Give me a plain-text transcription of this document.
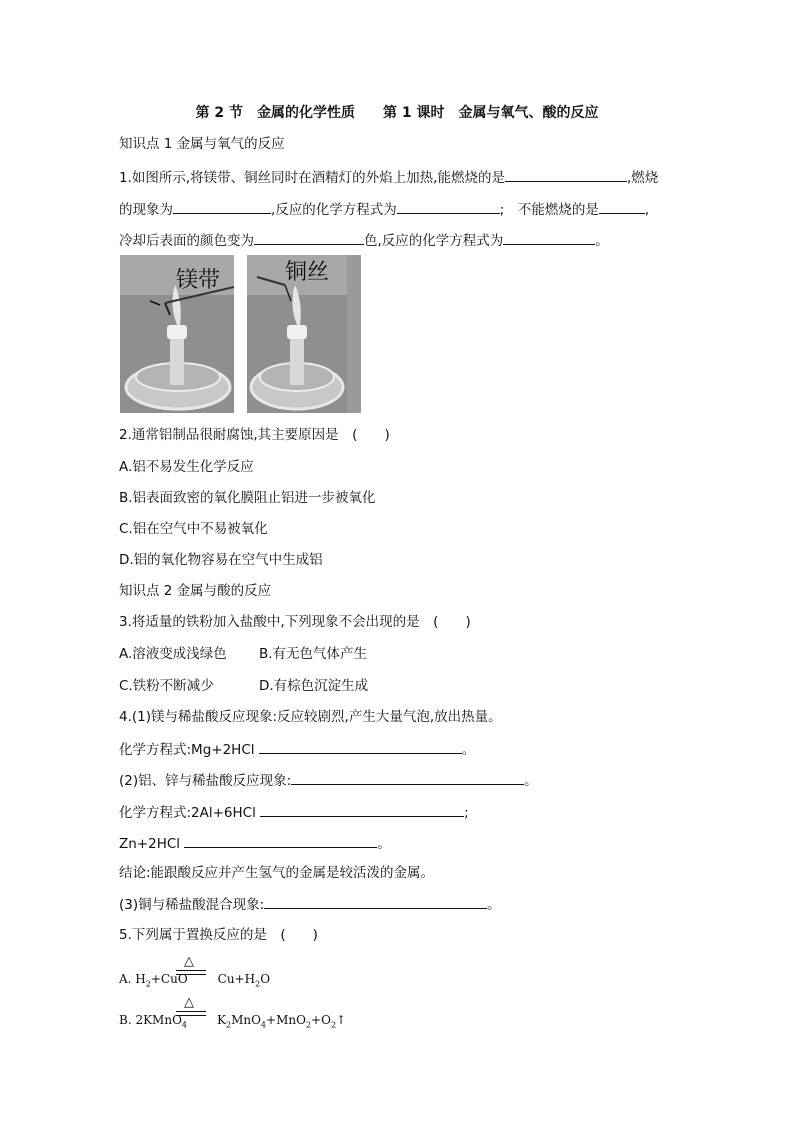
第 2 节　金属的化学性质　　第 1 课时　金属与氧气、酸的反应
知识点 1 金属与氧气的反应
1.如图所示,将镁带、铜丝同时在酒精灯的外焰上加热,能燃烧的是	,燃烧
的现象为	,反应的化学方程式为	;　不能燃烧的是	,
冷却后表面的颜色变为	色,反应的化学方程式为	。
镁带	铜丝
2.通常铝制品很耐腐蚀,其主要原因是　(　　)
A.铝不易发生化学反应
B.铝表面致密的氧化膜阻止铝进一步被氧化
C.铝在空气中不易被氧化
D.铝的氧化物容易在空气中生成铝
知识点 2 金属与酸的反应
3.将适量的铁粉加入盐酸中,下列现象不会出现的是　(　　)
A.溶液变成浅绿色 B.有无色气体产生
C.铁粉不断减少	D.有棕色沉淀生成
4.(1)镁与稀盐酸反应现象:反应较剧烈,产生大量气泡,放出热量。
化学方程式:Mg+2HCl	。
(2)铝、锌与稀盐酸反应现象:	。
化学方程式:2Al+6HCl	;
Zn+2HCl	。
结论:能跟酸反应并产生氢气的金属是较活泼的金属。
(3)铜与稀盐酸混合现象:	。
5.下列属于置换反应的是　(　　)
A. $H_2+CuO$	$Cu+H_2O$
△
B. 2KMnO$_4$	$K_2MnO_4+MnO_2+O_2↑$
△
